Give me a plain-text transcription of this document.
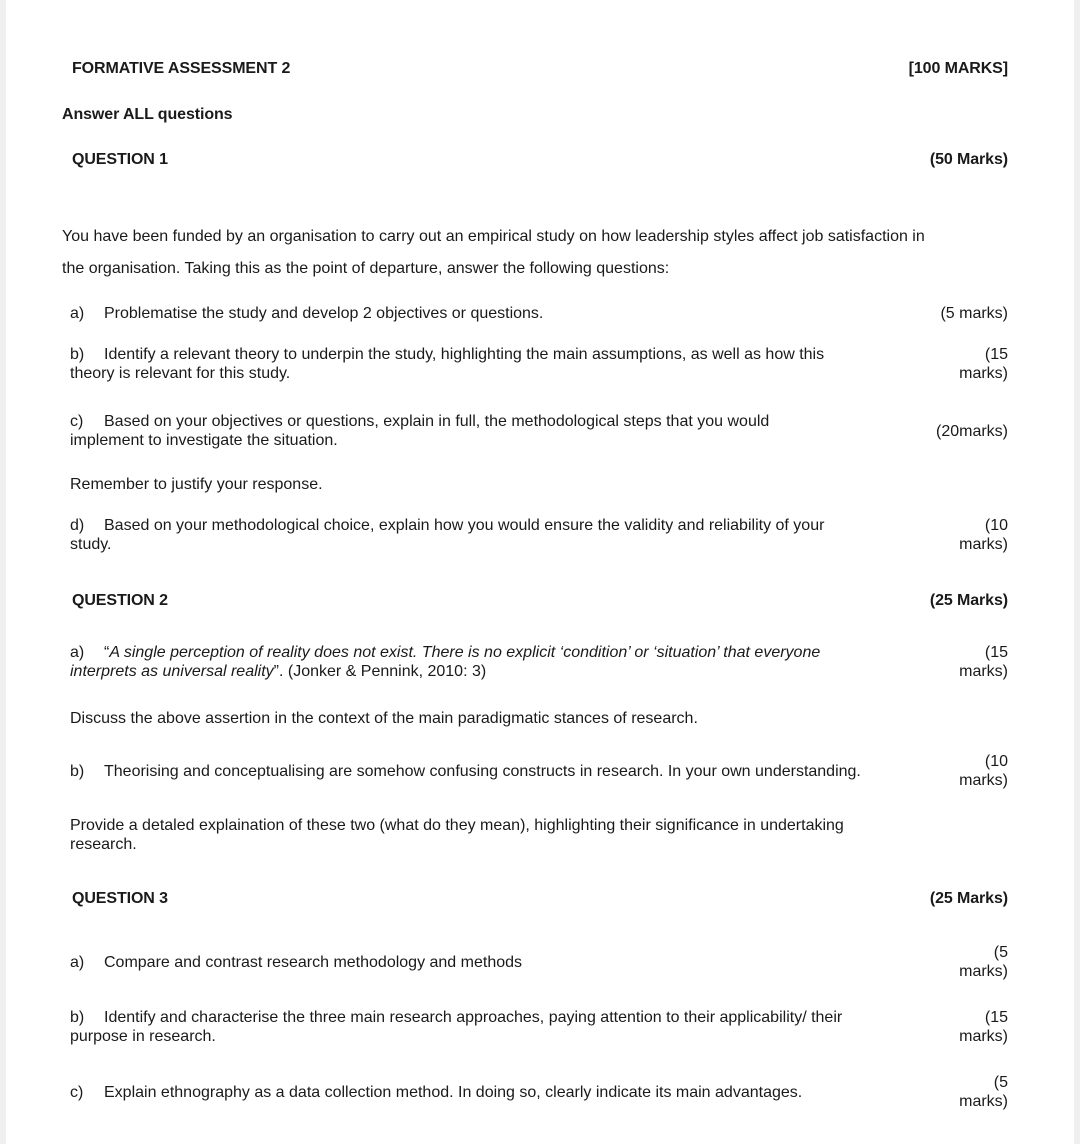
FORMATIVE ASSESSMENT 2	[100 MARKS]
Answer ALL questions
QUESTION 1	(50 Marks)
You have been funded by an organisation to carry out an empirical study on how leadership styles affect job satisfaction in
the organisation. Taking this as the point of departure, answer the following questions:
a) Problematise the study and develop 2 objectives or questions.	(5 marks)
b) Identify a relevant theory to underpin the study, highlighting the main assumptions, as well as how this
theory is relevant for this study.
(15
marks)
c) Based on your objectives or questions, explain in full, the methodological steps that you would
implement to investigate the situation.
(20marks)
Remember to justify your response.
d) Based on your methodological choice, explain how you would ensure the validity and reliability of your
study.
(10
marks)
QUESTION 2	(25 Marks)
a) “A single perception of reality does not exist. There is no explicit ‘condition’ or ‘situation’ that everyone
interprets as universal reality”. (Jonker & Pennink, 2010: 3)
(15
marks)
Discuss the above assertion in the context of the main paradigmatic stances of research.
b) Theorising and conceptualising are somehow confusing constructs in research. In your own understanding.
(10
marks)
Provide a detaled explaination of these two (what do they mean), highlighting their significance in undertaking
research.
QUESTION 3	(25 Marks)
a) Compare and contrast research methodology and methods
(5
marks)
b) Identify and characterise the three main research approaches, paying attention to their applicability/ their
purpose in research.
(15
marks)
c) Explain ethnography as a data collection method. In doing so, clearly indicate its main advantages.
(5
marks)
